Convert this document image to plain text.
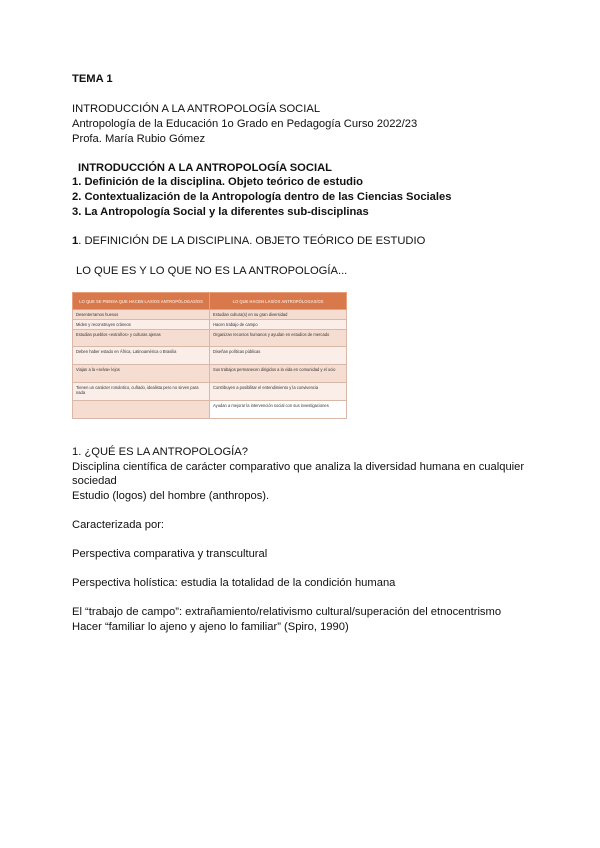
TEMA 1
INTRODUCCIÓN A LA ANTROPOLOGÍA SOCIAL
Antropología de la Educación 1o Grado en Pedagogía Curso 2022/23
Profa. María Rubio Gómez
INTRODUCCIÓN A LA ANTROPOLOGÍA SOCIAL
1. Definición de la disciplina. Objeto teórico de estudio
2. Contextualización de la Antropología dentro de las Ciencias Sociales
3. La Antropología Social y la diferentes sub-disciplinas
1. DEFINICIÓN DE LA DISCIPLINA. OBJETO TEÓRICO DE ESTUDIO
LO QUE ES Y LO QUE NO ES LA ANTROPOLOGÍA...
LO QUE SE PIENSA QUE HACEN LAS/OS ANTROPÓLOGAS/OS	LO QUE HACEN LAS/OS ANTROPÓLOGAS/OS
Desenterramos huesos	Estudian cultura(s) en su gran diversidad
Miden y reconstruyen cráneos	Hacen trabajo de campo
Estudian pueblos «extraños» y culturas ajenas	Organizan recursos humanos y ayudan en estudios de mercado
Deben haber estado en África, Latinoamérica o Brasilia	Diseñan políticas públicas
Viajan a la «selva» lejos	Sus trabajos permanecen dirigidos a la vida en comunidad y el ocio
Tienen un carácter romántico, cuñado, idealista pero no sirven para nada	Contribuyen a posibilitar el entendimiento y la convivencia
	Ayudan a mejorar la intervención social con sus investigaciones
1. ¿QUÉ ES LA ANTROPOLOGÍA?
Disciplina científica de carácter comparativo que analiza la diversidad humana en cualquier sociedad
Estudio (logos) del hombre (anthropos).
Caracterizada por:
Perspectiva comparativa y transcultural
Perspectiva holística: estudia la totalidad de la condición humana
El “trabajo de campo”: extrañamiento/relativismo cultural/superación del etnocentrismo
Hacer “familiar lo ajeno y ajeno lo familiar” (Spiro, 1990)
